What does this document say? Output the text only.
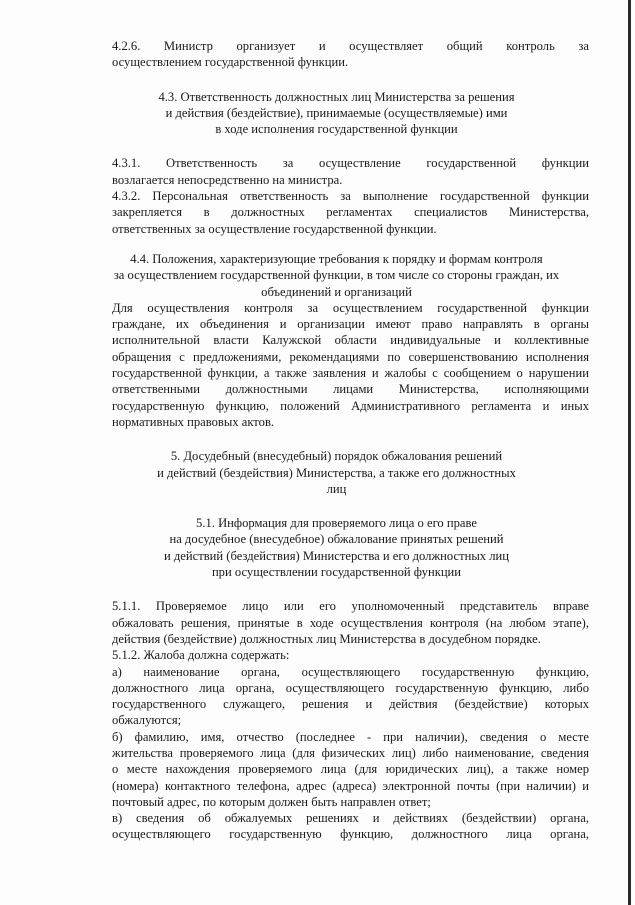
4.2.6. Министр организует и осуществляет общий контроль за
осуществлением государственной функции.
4.3. Ответственность должностных лиц Министерства за решения
и действия (бездействие), принимаемые (осуществляемые) ими
в ходе исполнения государственной функции
4.3.1. Ответственность за осуществление государственной функции
возлагается непосредственно на министра.
4.3.2. Персональная ответственность за выполнение государственной функции
закрепляется в должностных регламентах специалистов Министерства,
ответственных за осуществление государственной функции.
4.4. Положения, характеризующие требования к порядку и формам контроля
за осуществлением государственной функции, в том числе со стороны граждан, их
объединений и организаций
Для осуществления контроля за осуществлением государственной функции
граждане, их объединения и организации имеют право направлять в органы
исполнительной власти Калужской области индивидуальные и коллективные
обращения с предложениями, рекомендациями по совершенствованию исполнения
государственной функции, а также заявления и жалобы с сообщением о нарушении
ответственными должностными лицами Министерства, исполняющими
государственную функцию, положений Административного регламента и иных
нормативных правовых актов.
5. Досудебный (внесудебный) порядок обжалования решений
и действий (бездействия) Министерства, а также его должностных
лиц
5.1. Информация для проверяемого лица о его праве
на досудебное (внесудебное) обжалование принятых решений
и действий (бездействия) Министерства и его должностных лиц
при осуществлении государственной функции
5.1.1. Проверяемое лицо или его уполномоченный представитель вправе
обжаловать решения, принятые в ходе осуществления контроля (на любом этапе),
действия (бездействие) должностных лиц Министерства в досудебном порядке.
5.1.2. Жалоба должна содержать:
а) наименование органа, осуществляющего государственную функцию,
должностного лица органа, осуществляющего государственную функцию, либо
государственного служащего, решения и действия (бездействие) которых
обжалуются;
б) фамилию, имя, отчество (последнее - при наличии), сведения о месте
жительства проверяемого лица (для физических лиц) либо наименование, сведения
о месте нахождения проверяемого лица (для юридических лиц), а также номер
(номера) контактного телефона, адрес (адреса) электронной почты (при наличии) и
почтовый адрес, по которым должен быть направлен ответ;
в) сведения об обжалуемых решениях и действиях (бездействии) органа,
осуществляющего государственную функцию, должностного лица органа,
